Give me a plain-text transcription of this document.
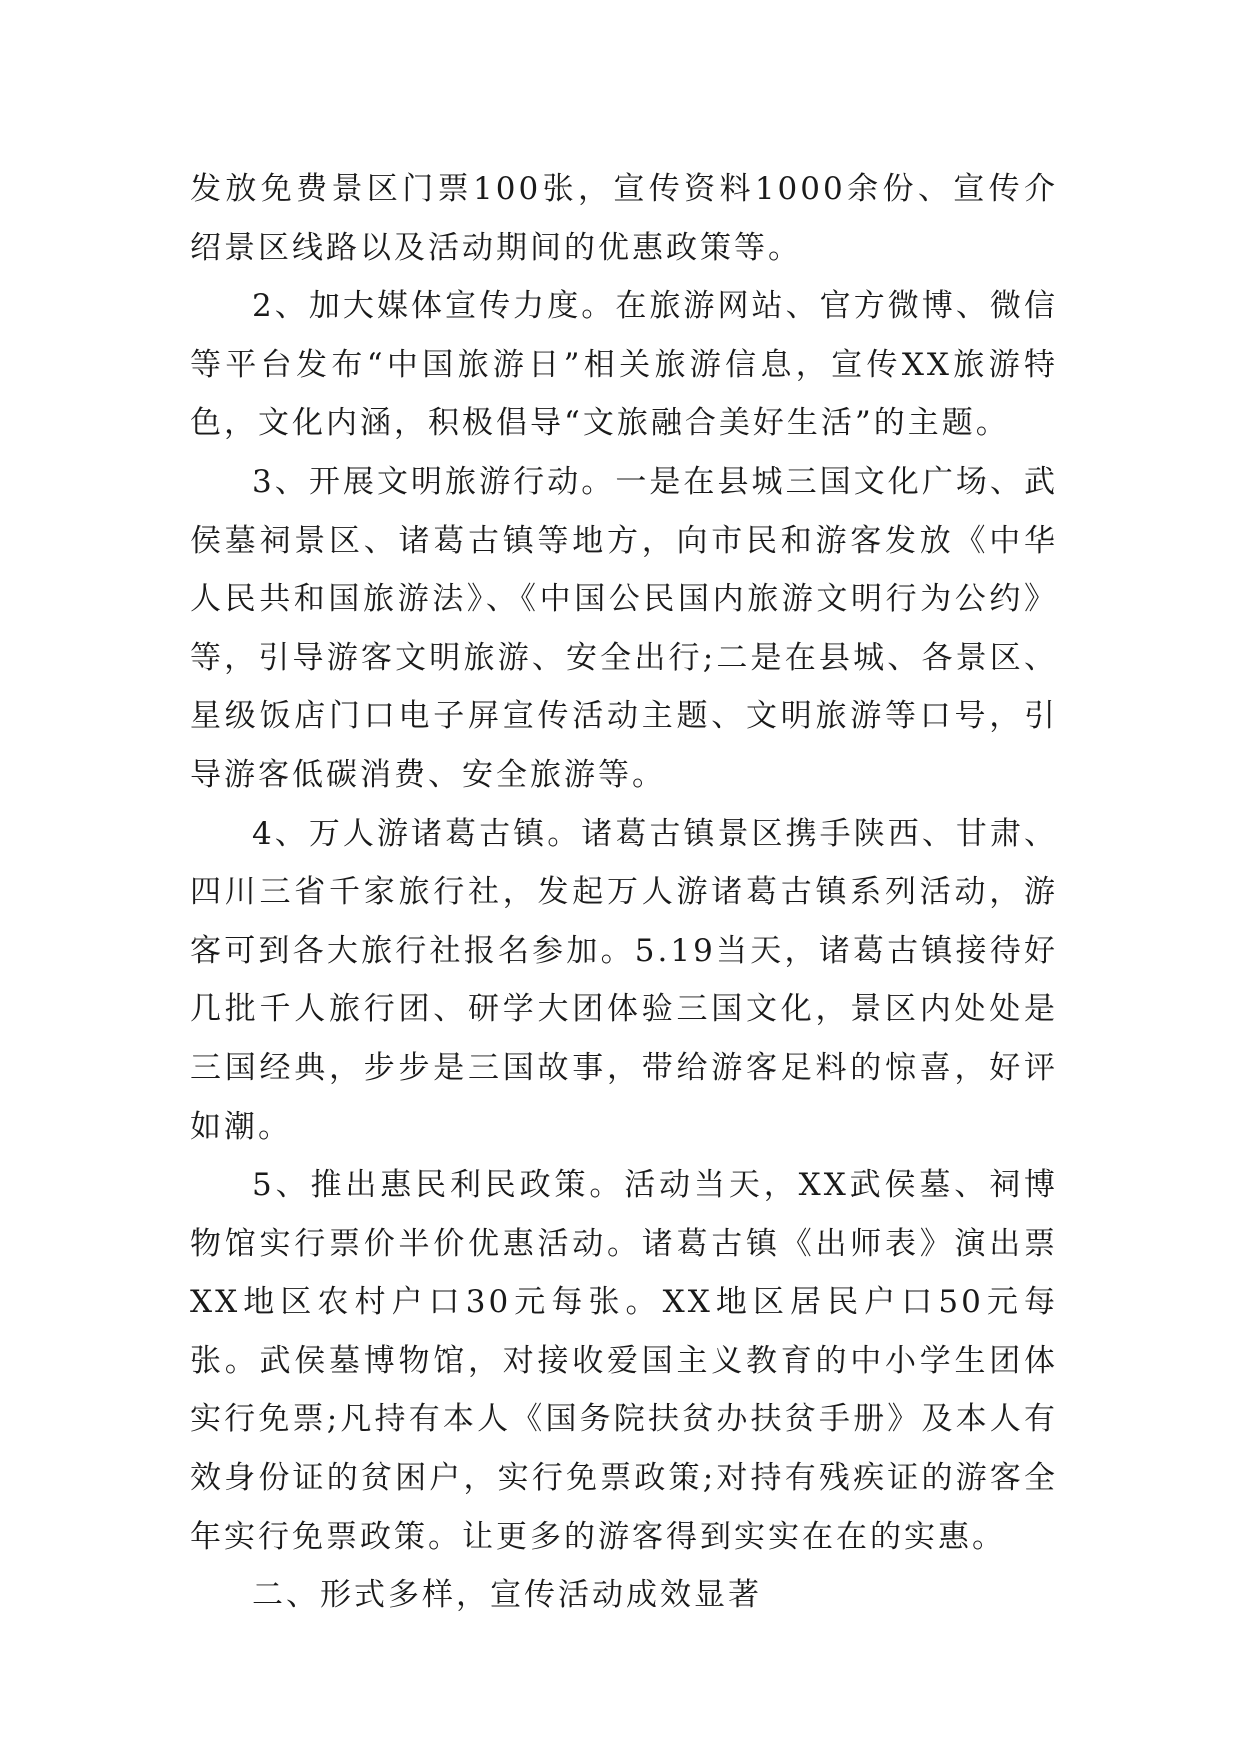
发放免费景区门票100张，宣传资料1000余份、宣传介绍景区线路以及活动期间的优惠政策等。

2、加大媒体宣传力度。在旅游网站、官方微博、微信等平台发布“中国旅游日”相关旅游信息，宣传XX旅游特色，文化内涵，积极倡导“文旅融合美好生活”的主题。

3、开展文明旅游行动。一是在县城三国文化广场、武侯墓祠景区、诸葛古镇等地方，向市民和游客发放《中华人民共和国旅游法》、《中国公民国内旅游文明行为公约》等，引导游客文明旅游、安全出行;二是在县城、各景区、星级饭店门口电子屏宣传活动主题、文明旅游等口号，引导游客低碳消费、安全旅游等。

4、万人游诸葛古镇。诸葛古镇景区携手陕西、甘肃、四川三省千家旅行社，发起万人游诸葛古镇系列活动，游客可到各大旅行社报名参加。5.19当天，诸葛古镇接待好几批千人旅行团、研学大团体验三国文化，景区内处处是三国经典，步步是三国故事，带给游客足料的惊喜，好评如潮。

5、推出惠民利民政策。活动当天，XX武侯墓、祠博物馆实行票价半价优惠活动。诸葛古镇《出师表》演出票XX地区农村户口30元每张。XX地区居民户口50元每张。武侯墓博物馆，对接收爱国主义教育的中小学生团体实行免票;凡持有本人《国务院扶贫办扶贫手册》及本人有效身份证的贫困户，实行免票政策;对持有残疾证的游客全年实行免票政策。让更多的游客得到实实在在的实惠。

二、形式多样，宣传活动成效显著
